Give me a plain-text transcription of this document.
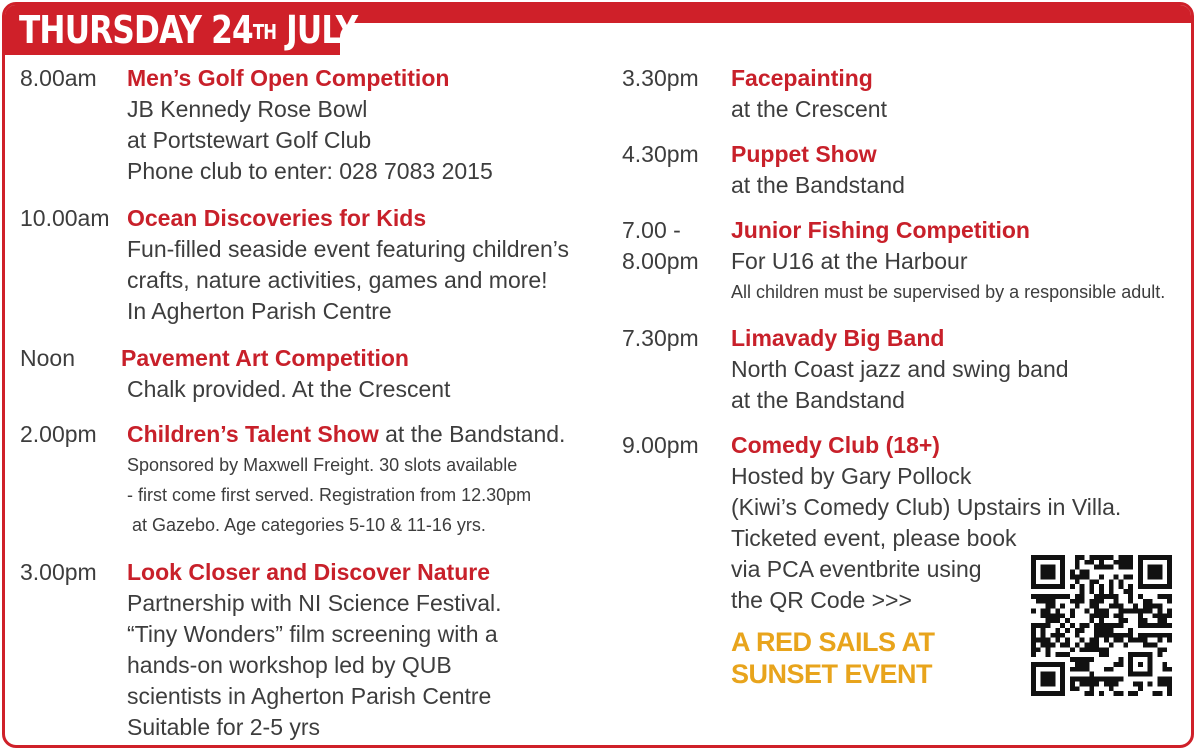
THURSDAY 24TH JULY
8.00am Men’s Golf Open Competition
JB Kennedy Rose Bowl
at Portstewart Golf Club
Phone club to enter: 028 7083 2015
10.00am Ocean Discoveries for Kids
Fun-filled seaside event featuring children’s
crafts, nature activities, games and more!
In Agherton Parish Centre
Noon Pavement Art Competition
Chalk provided. At the Crescent
2.00pm Children’s Talent Show at the Bandstand.
Sponsored by Maxwell Freight. 30 slots available
- first come first served. Registration from 12.30pm
at Gazebo. Age categories 5-10 & 11-16 yrs.
3.00pm Look Closer and Discover Nature
Partnership with NI Science Festival.
“Tiny Wonders” film screening with a
hands-on workshop led by QUB
scientists in Agherton Parish Centre
Suitable for 2-5 yrs
3.30pm Facepainting
at the Crescent
4.30pm Puppet Show
at the Bandstand
7.00 -
8.00pm
Junior Fishing Competition
For U16 at the Harbour
All children must be supervised by a responsible adult.
7.30pm Limavady Big Band
North Coast jazz and swing band
at the Bandstand
9.00pm Comedy Club (18+)
Hosted by Gary Pollock
(Kiwi’s Comedy Club) Upstairs in Villa.
Ticketed event, please book
via PCA eventbrite using
the QR Code >>>
A RED SAILS AT
SUNSET EVENT
